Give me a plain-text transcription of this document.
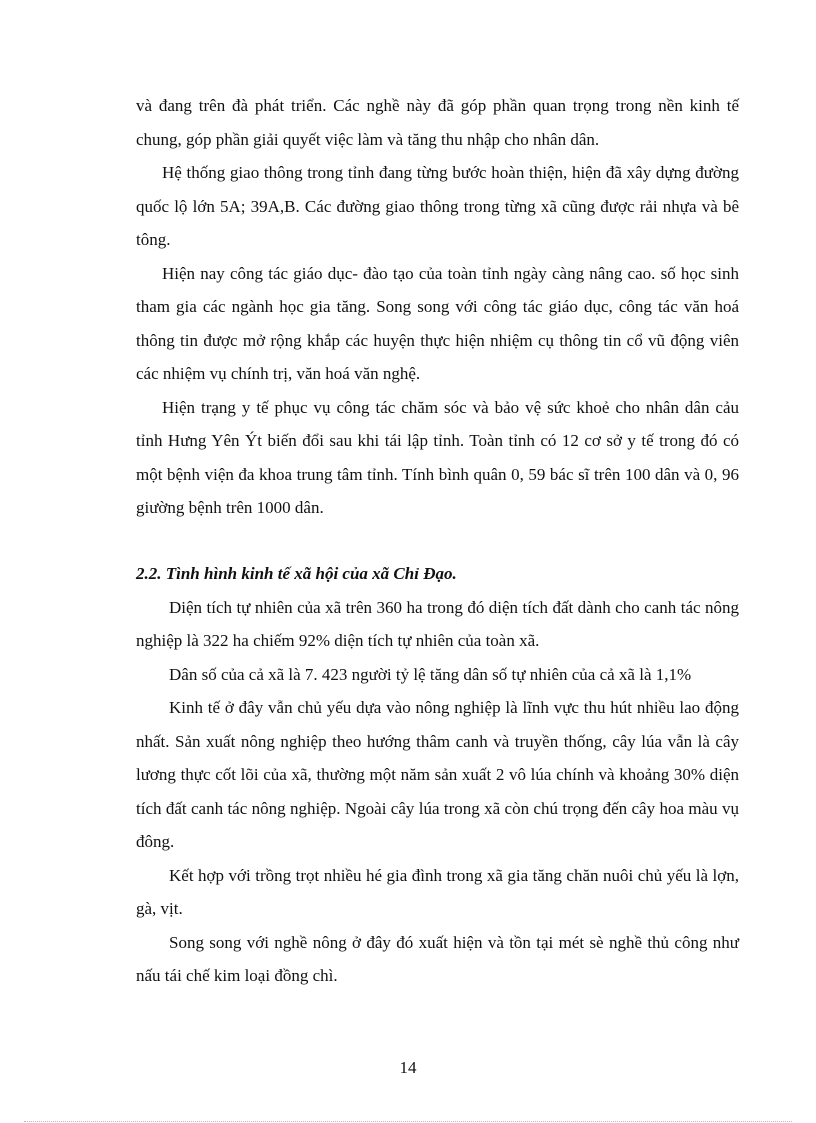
và đang trên đà phát triển. Các nghề này đã góp phần quan trọng trong nền kinh tế chung, góp phần giải quyết việc làm và tăng thu nhập cho nhân dân.

Hệ thống giao thông trong tỉnh đang từng bước hoàn thiện, hiện đã xây dựng đường quốc lộ lớn 5A; 39A,B. Các đường giao thông trong từng xã cũng được rải nhựa và bê tông.

Hiện nay công tác giáo dục- đào tạo của toàn tỉnh ngày càng nâng cao. số học sinh tham gia các ngành học gia tăng. Song song với công tác giáo dục, công tác văn hoá thông tin được mở rộng khắp các huyện thực hiện nhiệm cụ thông tin cổ vũ động viên các nhiệm vụ chính trị, văn hoá văn nghệ.

Hiện trạng y tế phục vụ công tác chăm sóc và bảo vệ sức khoẻ cho nhân dân cảu tỉnh Hưng Yên Ýt biến đổi sau khi tái lập tỉnh. Toàn tỉnh có 12 cơ sở y tế trong đó có một bệnh viện đa khoa trung tâm tỉnh. Tính bình quân 0, 59 bác sĩ trên 100 dân và 0, 96 giường bệnh trên 1000 dân.

2.2. Tình hình kinh tế xã hội của xã Chỉ Đạo.

Diện tích tự nhiên của xã trên 360 ha trong đó diện tích đất dành cho canh tác nông nghiệp là 322 ha chiếm 92% diện tích tự nhiên của toàn xã.

Dân số của cả xã là 7. 423 người tỷ lệ tăng dân số tự nhiên của cả xã là 1,1%

Kinh tế ở đây vẫn chủ yếu dựa vào nông nghiệp là lĩnh vực thu hút nhiều lao động nhất. Sản xuất nông nghiệp theo hướng thâm canh và truyền thống, cây lúa vẫn là cây lương thực cốt lõi của xã, thường một năm sản xuất 2 vô lúa chính và khoảng 30% diện tích đất canh tác nông nghiệp. Ngoài cây lúa trong xã còn chú trọng đến cây hoa màu vụ đông.

Kết hợp với trồng trọt nhiều hé gia đình trong xã gia tăng chăn nuôi chủ yếu là lợn, gà, vịt.

Song song với nghề nông ở đây đó xuất hiện và tồn tại mét sè nghề thủ công như nấu tái chế kim loại đồng chì.

14
